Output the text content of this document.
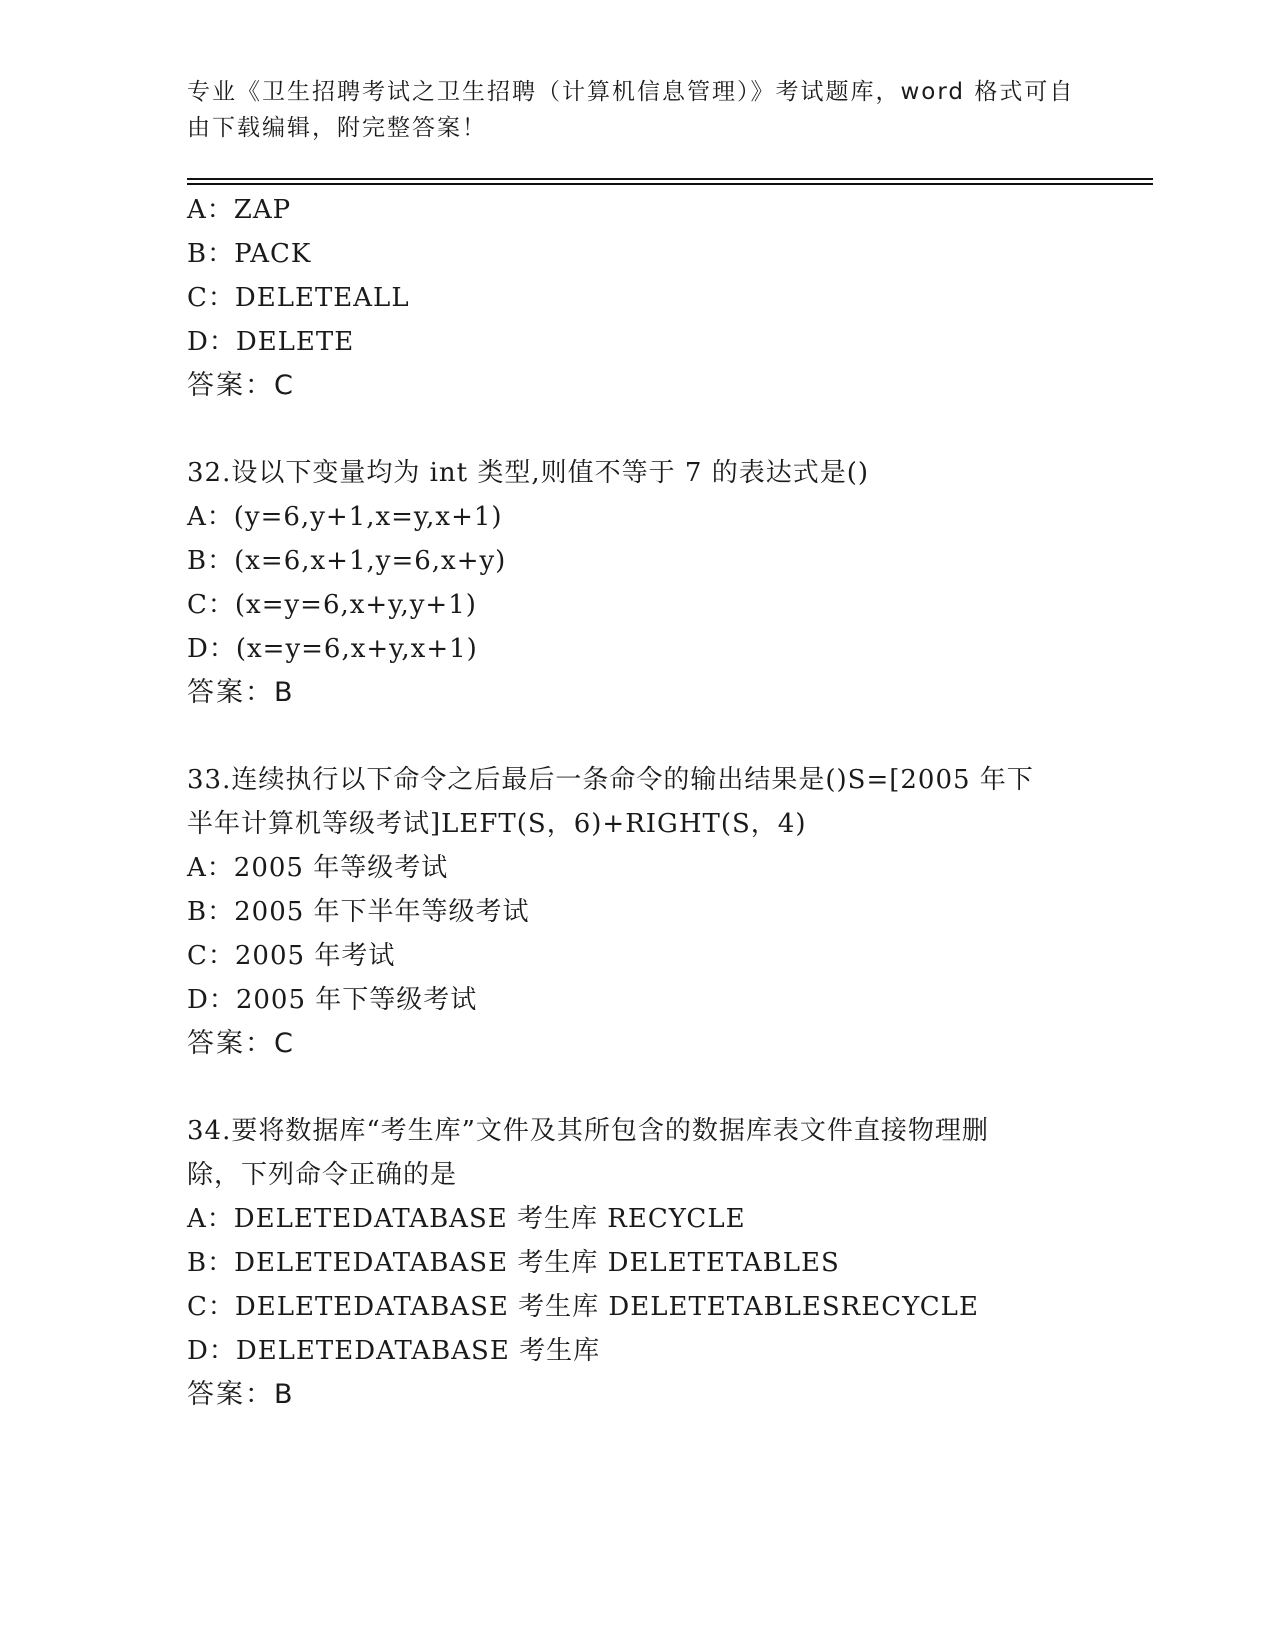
专业《卫生招聘考试之卫生招聘（计算机信息管理）》考试题库，word 格式可自
由下载编辑，附完整答案！
A：ZAP
B：PACK
C：DELETEALL
D：DELETE
答案：C
32.设以下变量均为 int 类型,则值不等于 7 的表达式是()
A：(y=6,y+1,x=y,x+1)
B：(x=6,x+1,y=6,x+y)
C：(x=y=6,x+y,y+1)
D：(x=y=6,x+y,x+1)
答案：B
33.连续执行以下命令之后最后一条命令的输出结果是()S=[2005 年下
半年计算机等级考试]LEFT(S，6)+RIGHT(S，4)
A：2005 年等级考试
B：2005 年下半年等级考试
C：2005 年考试
D：2005 年下等级考试
答案：C
34.要将数据库“考生库”文件及其所包含的数据库表文件直接物理删
除，下列命令正确的是
A：DELETEDATABASE 考生库 RECYCLE
B：DELETEDATABASE 考生库 DELETETABLES
C：DELETEDATABASE 考生库 DELETETABLESRECYCLE
D：DELETEDATABASE 考生库
答案：B
